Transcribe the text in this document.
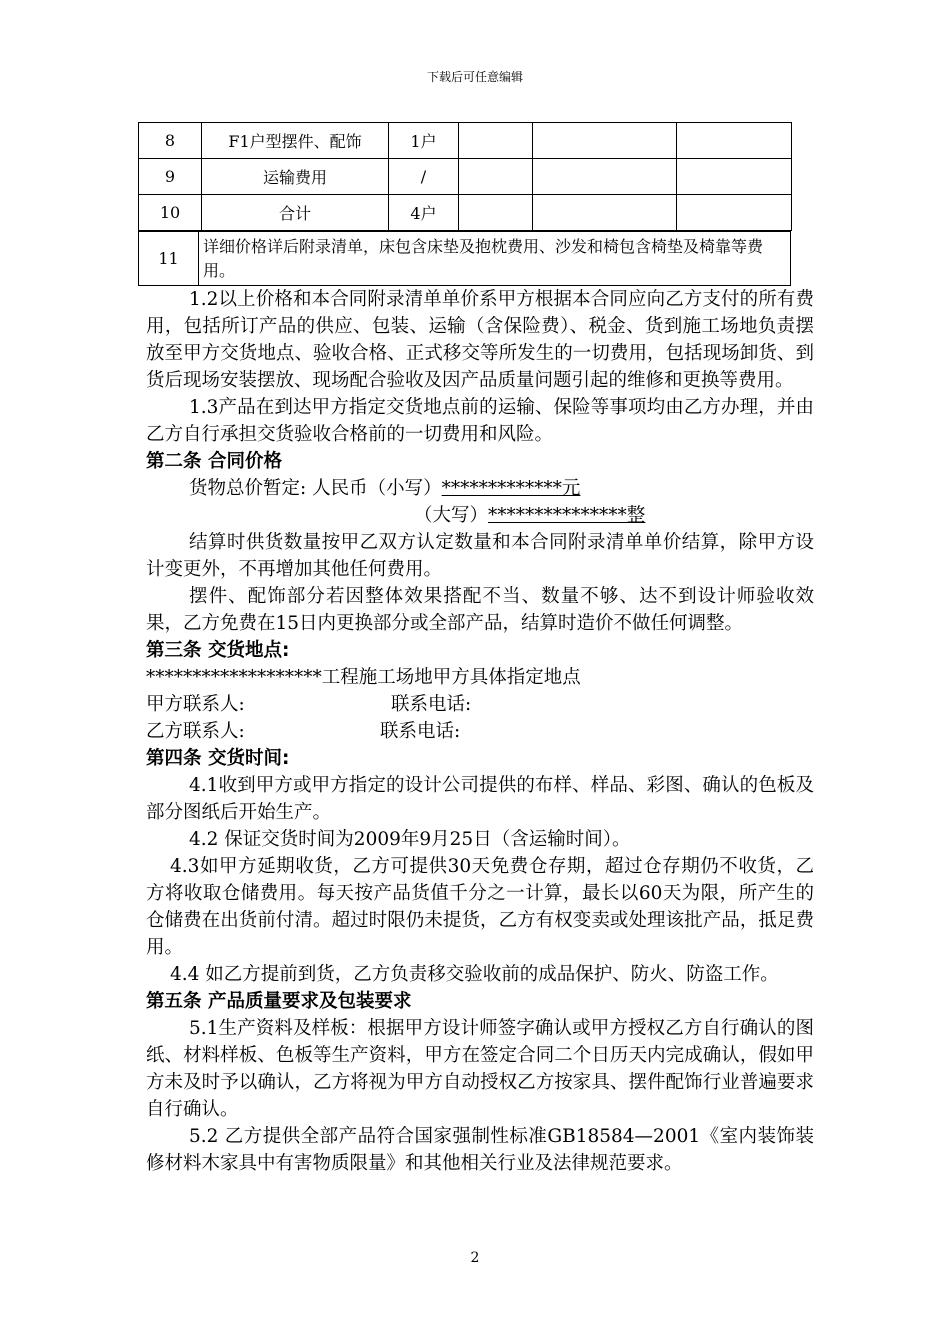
下载后可任意编辑
8	F1户型摆件、配饰	1户			
9	运输费用	/			
10	合计	4户			
11	详细价格详后附录清单，床包含床垫及抱枕费用、沙发和椅包含椅垫及椅靠等费用。

1.2以上价格和本合同附录清单单价系甲方根据本合同应向乙方支付的所有费用，包括所订产品的供应、包装、运输（含保险费）、税金、货到施工场地负责摆放至甲方交货地点、验收合格、正式移交等所发生的一切费用，包括现场卸货、到货后现场安装摆放、现场配合验收及因产品质量问题引起的维修和更换等费用。

1.3产品在到达甲方指定交货地点前的运输、保险等事项均由乙方办理，并由乙方自行承担交货验收合格前的一切费用和风险。

第二条 合同价格

货物总价暂定: 人民币（小写）*************元 

（大写）***************整

结算时供货数量按甲乙双方认定数量和本合同附录清单单价结算，除甲方设计变更外，不再增加其他任何费用。

摆件、配饰部分若因整体效果搭配不当、数量不够、达不到设计师验收效果，乙方免费在15日内更换部分或全部产品，结算时造价不做任何调整。

第三条 交货地点:

*******************工程施工场地甲方具体指定地点

甲方联系人:	联系电话:

乙方联系人:	联系电话:

第四条 交货时间:

4.1收到甲方或甲方指定的设计公司提供的布样、样品、彩图、确认的色板及部分图纸后开始生产。

4.2 保证交货时间为2009年9月25日（含运输时间）。

4.3如甲方延期收货，乙方可提供30天免费仓存期，超过仓存期仍不收货，乙方将收取仓储费用。每天按产品货值千分之一计算，最长以60天为限，所产生的仓储费在出货前付清。超过时限仍未提货，乙方有权变卖或处理该批产品，抵足费用。

4.4 如乙方提前到货，乙方负责移交验收前的成品保护、防火、防盗工作。

第五条 产品质量要求及包装要求

5.1生产资料及样板：根据甲方设计师签字确认或甲方授权乙方自行确认的图纸、材料样板、色板等生产资料，甲方在签定合同二个日历天内完成确认，假如甲方未及时予以确认，乙方将视为甲方自动授权乙方按家具、摆件配饰行业普遍要求自行确认。

5.2 乙方提供全部产品符合国家强制性标准GB18584—2001《室内装饰装修材料木家具中有害物质限量》和其他相关行业及法律规范要求。

2
